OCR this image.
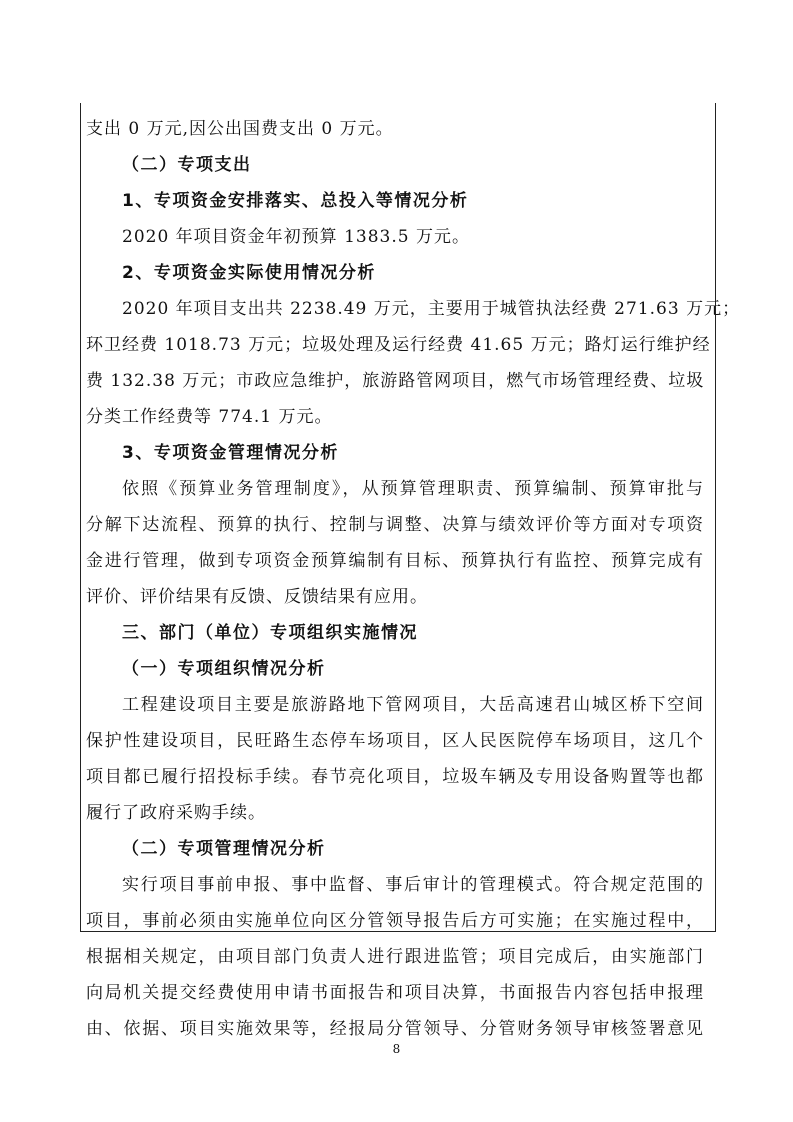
支出 0 万元,因公出国费支出 0 万元。
（二）专项支出
1、专项资金安排落实、总投入等情况分析
2020 年项目资金年初预算 1383.5 万元。
2、专项资金实际使用情况分析
2020 年项目支出共 2238.49 万元，主要用于城管执法经费 271.63 万元；
环卫经费 1018.73 万元；垃圾处理及运行经费 41.65 万元；路灯运行维护经
费 132.38 万元；市政应急维护，旅游路管网项目，燃气市场管理经费、垃圾
分类工作经费等 774.1 万元。
3、专项资金管理情况分析
依照《预算业务管理制度》，从预算管理职责、预算编制、预算审批与
分解下达流程、预算的执行、控制与调整、决算与绩效评价等方面对专项资
金进行管理，做到专项资金预算编制有目标、预算执行有监控、预算完成有
评价、评价结果有反馈、反馈结果有应用。
三、部门（单位）专项组织实施情况
（一）专项组织情况分析
工程建设项目主要是旅游路地下管网项目，大岳高速君山城区桥下空间
保护性建设项目，民旺路生态停车场项目，区人民医院停车场项目，这几个
项目都已履行招投标手续。春节亮化项目，垃圾车辆及专用设备购置等也都
履行了政府采购手续。
（二）专项管理情况分析
实行项目事前申报、事中监督、事后审计的管理模式。符合规定范围的
项目，事前必须由实施单位向区分管领导报告后方可实施；在实施过程中，
根据相关规定，由项目部门负责人进行跟进监管；项目完成后，由实施部门
向局机关提交经费使用申请书面报告和项目决算，书面报告内容包括申报理
由、依据、项目实施效果等，经报局分管领导、分管财务领导审核签署意见
8
